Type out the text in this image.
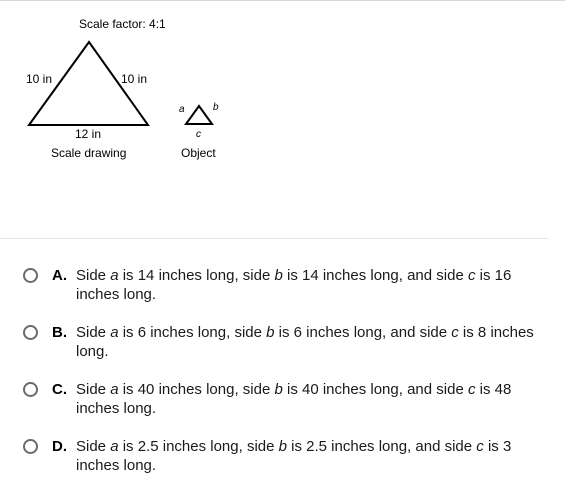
Scale factor: 4:1
10 in	10 in
12 in
Scale drawing
a	b
c
Object
A. Side a is 14 inches long, side b is 14 inches long, and side c is 16 inches long.
B. Side a is 6 inches long, side b is 6 inches long, and side c is 8 inches long.
C. Side a is 40 inches long, side b is 40 inches long, and side c is 48 inches long.
D. Side a is 2.5 inches long, side b is 2.5 inches long, and side c is 3 inches long.
